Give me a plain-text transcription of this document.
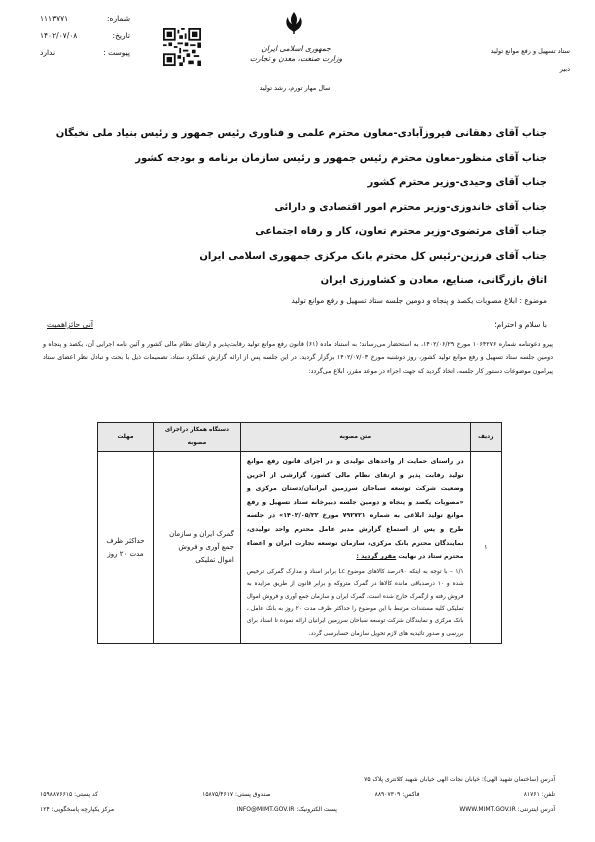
شماره:
۱۱۱۳۷۷۱
تاریخ:
۱۴۰۲/۰۷/۰۸
پیوست :
ندارد	جمهوری اسلامی ایران
وزارت صنعت، معدن و تجارت
سال مهار تورم، رشد تولید
ستاد تسهیل و رفع موانع تولید
دبیر
جناب آقای دهقانی فیروزآبادی-معاون محترم علمی و فناوری رئیس جمهور و رئیس بنیاد ملی نخبگان
جناب آقای منظور-معاون محترم رئیس جمهور و رئیس سازمان برنامه و بودجه کشور
جناب آقای وحیدی-وزیر محترم کشور
جناب آقای خاندوزی-وزیر محترم امور اقتصادی و دارائی
جناب آقای مرتضوی-وزیر محترم تعاون، کار و رفاه اجتماعی
جناب آقای فرزین-رئیس کل محترم بانک مرکزی جمهوری اسلامی ایران
اتاق بازرگانی، صنایع، معادن و کشاورزی ایران
موضوع : ابلاغ مصوبات یکصد و پنجاه و دومین جلسه ستاد تسهیل و رفع موانع تولید
با سلام و احترام؛
آنی حائزاهمیت
پیرو دعوتنامه شماره ۱۰۶۴۲۷۶ مورخ ۱۴۰۲/۰۶/۲۹، به استحضار می‌رساند؛ به استناد ماده (۶۱) قانون رفع موانع تولید رقابت‌پذیر و ارتقای نظام مالی کشور و آئین نامه اجرایی آن، یکصد و پنجاه و دومین جلسه ستاد تسهیل و رفع موانع تولید کشور، روز دوشنبه مورخ ۱۴۰۲/۰۷/۰۳ برگزار گردید. در این جلسه پس از ارائه گزارش عملکرد ستاد، تصمیمات ذیل با بحث و تبادل نظر اعضای ستاد پیرامون موضوعات دستور کار جلسه، اتخاذ گردید که جهت اجراء در موعد مقرر، ابلاغ می‌گردد:
ردیف	متن مصوبه	دستگاه همکار دراجرای مصوبه	مهلت
۱	در راستای حمایت از واحدهای تولیدی و در اجرای قانون رفع موانع تولید رقابت پذیر و ارتقای نظام مالی کشور، گزارشی از آخرین وضعیت شرکت توسعه سباحان سرزمین ایرانیان/دستان مرکزی و «مصوبات یکصد و پنجاه و دومین جلسه دبیرخانه ستاد تسهیل و رفع موانع تولید ابلاغی به شماره ۷۹۲۷۲۱ مورخ ۱۴۰۲/۰۵/۲۲» در جلسه طرح و پس از استماع گزارش مدیر عامل محترم واحد تولیدی، نمایندگان محترم بانک مرکزی، سازمان توسعه تجارت ایران و اعضاء محترم ستاد در نهایت مقرر گردید :
۱/۱ – با توجه به اینکه ۹۰درصد کالاهای موضوع Lc برابر اسناد و مدارک گمرکی ترخیص شده و ۱۰ درصدباقی مانده کالاها در گمرک متروکه و برابر قانون از طریق مزایده به فروش رفته و ازگمرک خارج شده است، گمرک ایران و سازمان جمع آوری و فروش اموال تملیکی کلیه مستندات مرتبط با این موضوع را حداکثر ظرف مدت ۲۰ روز به بانک عامل ، بانک مرکزی و نمایندگان شرکت توسعه سباحان سرزمین ایرانیان ارائه نموده تا اسناد برای بررسی و صدور تائیدیه های لازم تحویل سازمان حسابرسی گردد.	گمرک ایران و سازمان جمع آوری و فروش اموال تملیکی	حداکثر ظرف مدت ۲۰ روز
آدرس (ساختمان شهید الهی): خیابان نجات الهی خیابان شهید کلانتری پلاک ۷۵
تلفن: ۸۱۷۶۱
فاکس: ۸۸۹۰۷۳۰۹
صندوق پستی: ۱۵۸۷۵/۴۶۱۷
کد پستی: ۱۵۹۸۸۷۶۶۱۵
آدرس اینترنتی: WWW.MIMT.GOV.IR
پست الکترونیک: INFO@MIMT.GOV.IR
مرکز یکپارچه پاسخگویی: ۱۲۴
